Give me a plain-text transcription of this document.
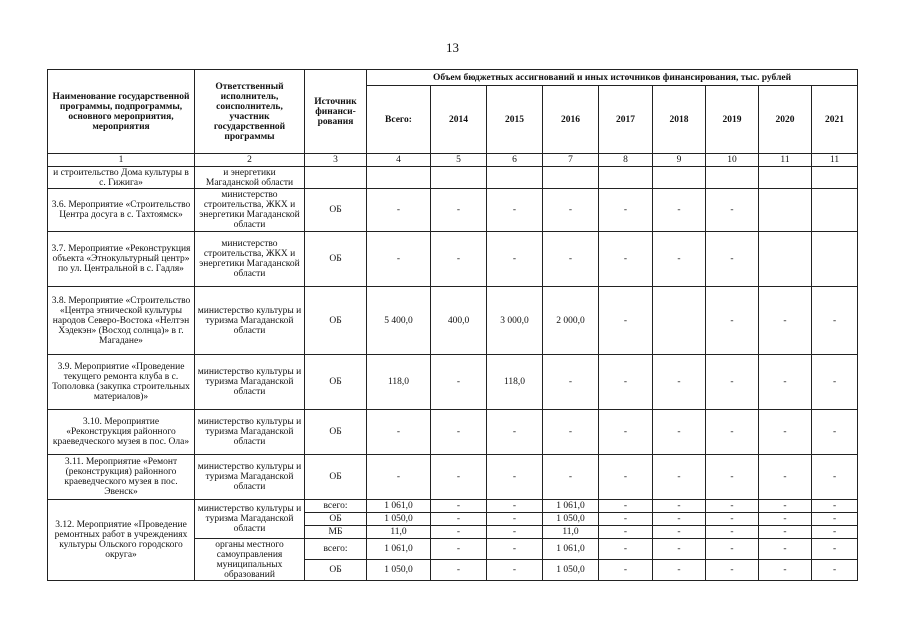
13
Наименование государственной программы, подпрограммы, основного мероприятия, мероприятия	Ответственный исполнитель, соисполнитель, участник государственной программы	Источник финанси- рования	Объем бюджетных ассигнований и иных источников финансирования, тыс. рублей								
			Всего:	2014	2015	2016	2017	2018	2019	2020	2021
1	2	3	4	5	6	7	8	9	10	11	11
и строительство Дома культуры в с. Гижига»	и энергетики Магаданской области										
3.6. Мероприятие «Строительство Центра досуга в с. Тахтоямск»	министерство строительства, ЖКХ и энергетики Магаданской области	ОБ	-	-	-	-	-	-	-		
3.7. Мероприятие «Реконструкция объекта «Этнокультурный центр» по ул. Центральной в с. Гадля»	министерство строительства, ЖКХ и энергетики Магаданской области	ОБ	-	-	-	-	-	-	-		
3.8. Мероприятие «Строительство «Центра этнической культуры народов Северо-Востока «Нелтэн Хэдекэн» (Восход солнца)» в г. Магадане»	министерство культуры и туризма Магаданской области	ОБ	5 400,0	400,0	3 000,0	2 000,0	-		-	-	-
3.9. Мероприятие «Проведение текущего ремонта клуба в с. Тополовка (закупка строительных материалов)»	министерство культуры и туризма Магаданской области	ОБ	118,0	-	118,0	-	-	-	-	-	-
3.10. Мероприятие «Реконструкция районного краеведческого музея в пос. Ола»	министерство культуры и туризма Магаданской области	ОБ	-	-	-	-	-	-	-	-	-
3.11. Мероприятие «Ремонт (реконструкция) районного краеведческого музея в пос. Эвенск»	министерство культуры и туризма Магаданской области	ОБ	-	-	-	-	-	-	-	-	-
3.12. Мероприятие «Проведение ремонтных работ в учреждениях культуры Ольского городского округа»	министерство культуры и туризма Магаданской области	всего:	1 061,0	-	-	1 061,0	-	-	-	-	-
		ОБ	1 050,0	-	-	1 050,0	-	-	-	-	-
		МБ	11,0	-	-	11,0	-	-	-	-	-
	органы местного самоуправления муниципальных образований	всего:	1 061,0	-	-	1 061,0	-	-	-	-	-
		ОБ	1 050,0	-	-	1 050,0	-	-	-	-	-
